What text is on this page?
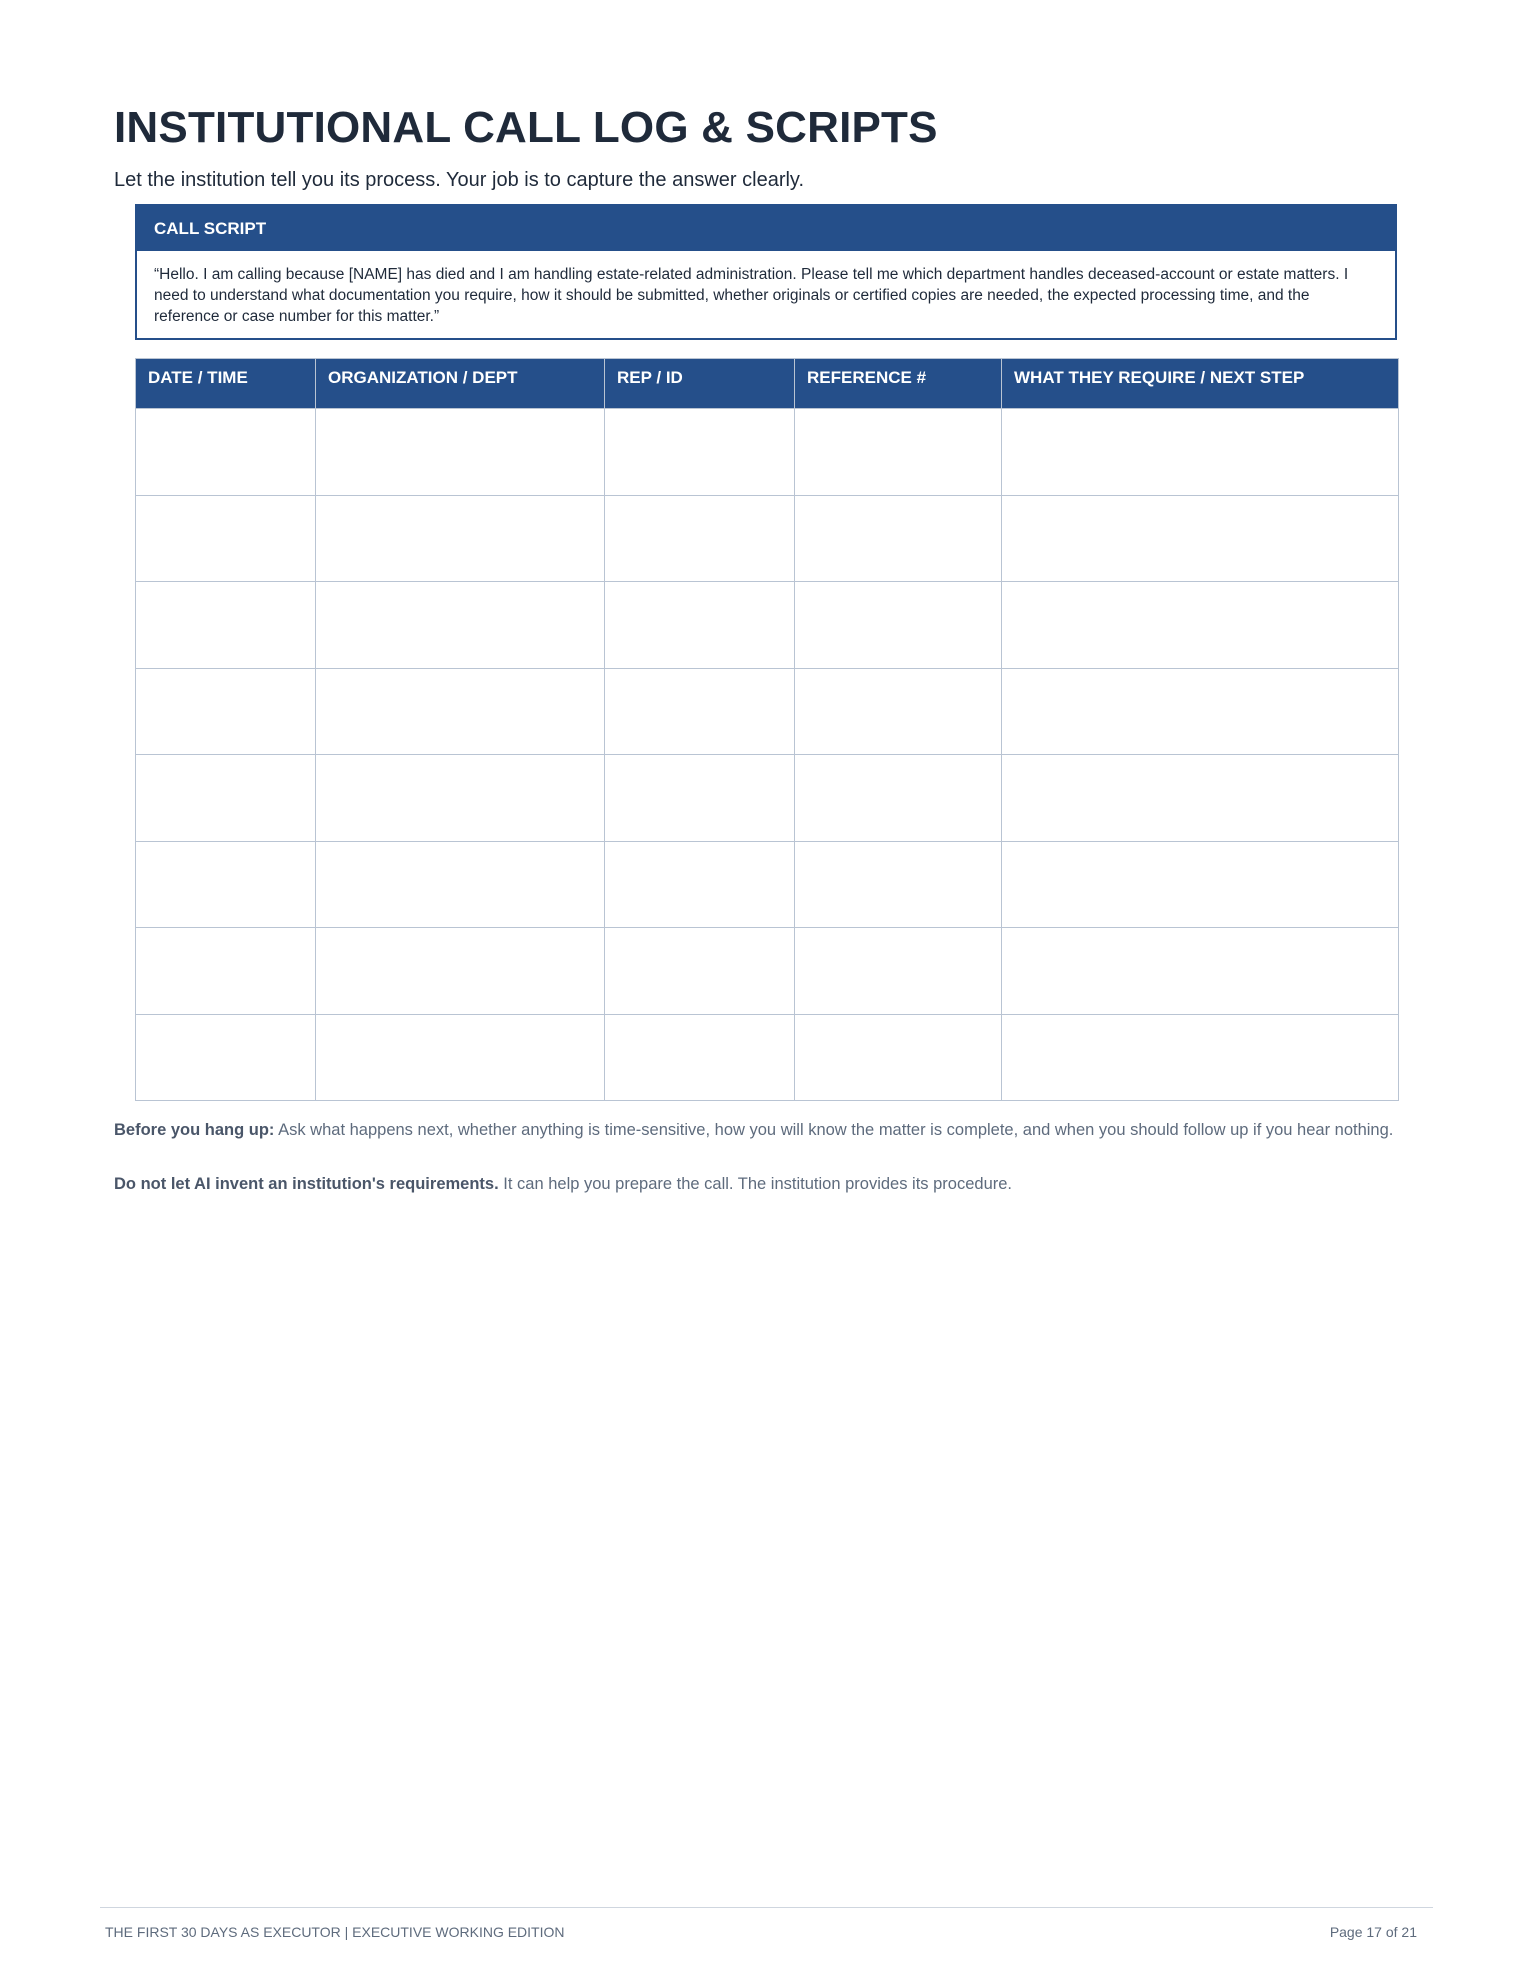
INSTITUTIONAL CALL LOG & SCRIPTS
Let the institution tell you its process. Your job is to capture the answer clearly.
CALL SCRIPT
“Hello. I am calling because [NAME] has died and I am handling estate-related administration. Please tell me which department handles deceased-account or estate matters. I need to understand what documentation you require, how it should be submitted, whether originals or certified copies are needed, the expected processing time, and the reference or case number for this matter.”
DATE / TIME	ORGANIZATION / DEPT	REP / ID	REFERENCE #	WHAT THEY REQUIRE / NEXT STEP

Before you hang up: Ask what happens next, whether anything is time-sensitive, how you will know the matter is complete, and when you should follow up if you hear nothing.
Do not let AI invent an institution's requirements. It can help you prepare the call. The institution provides its procedure.
THE FIRST 30 DAYS AS EXECUTOR | EXECUTIVE WORKING EDITION	Page 17 of 21
